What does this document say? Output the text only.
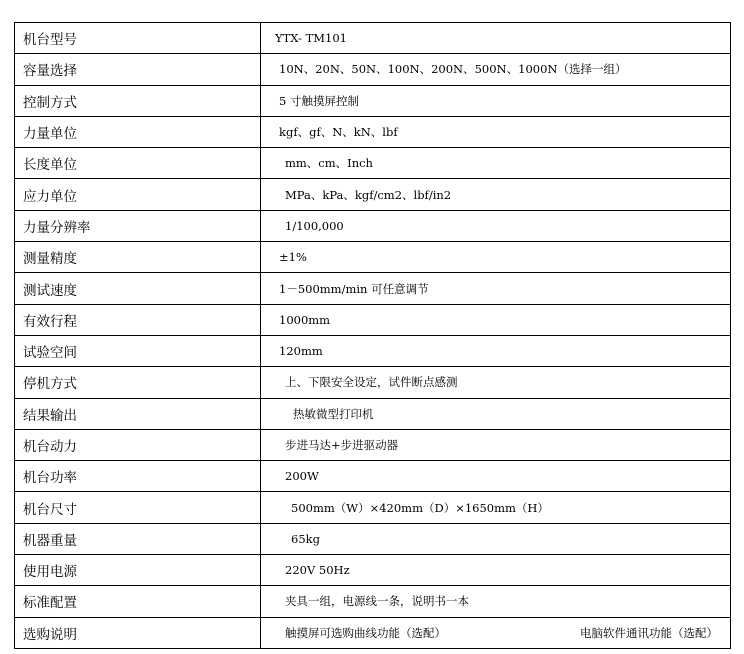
机台型号	YTX- TM101
容量选择	10N、20N、50N、100N、200N、500N、1000N（选择一组）
控制方式	5 寸触摸屏控制
力量单位	kgf、gf、N、kN、lbf
长度单位	mm、cm、Inch
应力单位	MPa、kPa、kgf/cm2、lbf/in2
力量分辨率	1/100,000
测量精度	±1%
测试速度	1－500mm/min 可任意调节
有效行程	1000mm
试验空间	120mm
停机方式	上、下限安全设定，试件断点感测
结果输出	热敏微型打印机
机台动力	步进马达+步进驱动器
机台功率	200W
机台尺寸	500mm（W）×420mm（D）×1650mm（H）
机器重量	65kg
使用电源	220V 50Hz
标准配置	夹具一组，电源线一条，说明书一本
选购说明	触摸屏可选购曲线功能（选配） 电脑软件通讯功能（选配）
